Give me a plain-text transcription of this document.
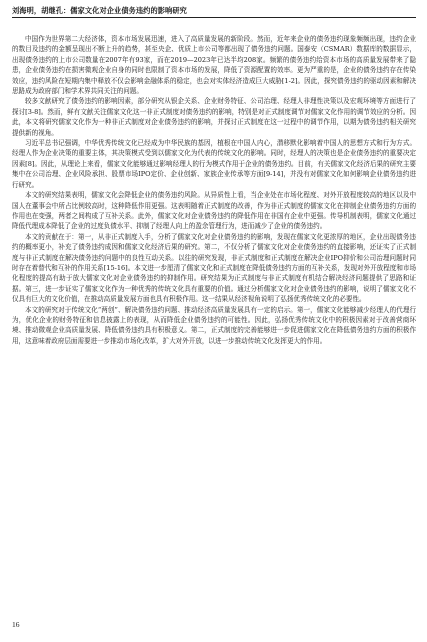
刘海明，胡继孔：儒家文化对企业债务违约的影响研究

中国作为世界第二大经济体，资本市场发展迅速，进入了高质量发展的新阶段。然而，近年来企业的债务违约现象频频出现，违约企业的数目及违约的金额呈现出不断上升的趋势，甚至央企、优质上市公司等都出现了债务违约问题。国泰安（CSMAR）数据库的数据显示，出现债务违约的上市公司数量在2007年有93家，而在2019—2023年已达半均208家。频繁的债务违约给资本市场的高质量发展带来了隐患，企业债务违约在损害微观企业自身的同时也限制了资本市场的发展，降低了资源配置的效率。更为严重的是，企业的债务违约存在传染效应，违约风险在短期内集中释放不仅会影响金融体系的稳定，也会对实体经济造成巨大威胁[1-2]。因此，探究债务违约的驱动因素和解决思路成为政府部门和学术界共同关注的问题。

较多文献研究了债务违约的影响因素，部分研究从银企关系、企业财务特征、公司治理、经理人非理性决策以及宏观环境等方面进行了探讨[3-8]。然而，鲜有文献关注儒家文化这一非正式制度对债务违约的影响，特别是对正式制度调节对儒家文化作用的调节效应的分析。因此，本文将研究儒家文化作为一种非正式制度对企业债务违约的影响，并探讨正式制度在这一过程中的调节作用，以期为债务违约相关研究提供新的视角。

习近平总书记强调，中华优秀传统文化已经成为中华民族的基因，植根在中国人内心，潜移默化影响着中国人的思想方式和行为方式。经理人作为企业决策的重要主体，其决策模式受到以儒家文化为代表的传统文化的影响。同时，经理人的决策也是企业债务违约的重要决定因素[8]。因此，从理论上来看，儒家文化能够通过影响经理人的行为模式作用于企业的债务违约。目前，有关儒家文化经济后果的研究主要集中在公司治理、企业风险承担、股票市场IPO定价、企业创新、家族企业传承等方面[9-14]，并没有对儒家文化如何影响企业债务违约进行研究。

本文的研究结果表明，儒家文化会降低企业的债务违约风险。从异质性上看，当企业处在市场化程度、对外开放程度较高的地区以及中国人在董事会中所占比例较高时，这种降低作用更强。这表明随着正式制度的改善，作为非正式制度的儒家文化在抑制企业债务违约方面的作用也在变强，两者之间构成了互补关系。此外，儒家文化对企业债务违约的降低作用在非国有企业中更强。传导机制表明，儒家文化通过降低代理成本降低了企业的过度负债水平、抑制了经理人向上的盈余管理行为，进而减少了企业的债务违约。

本文的贡献在于：第一，从非正式制度入手，分析了儒家文化对企业债务违约的影响，发现在儒家文化更浓厚的地区，企业出现债务违约的概率更小，补充了债务违约成因和儒家文化经济后果的研究。第二，不仅分析了儒家文化对企业债务违约的直接影响，还证实了正式制度与非正式制度在解决债务违约问题中的良性互动关系。以往的研究发现，非正式制度和正式制度在解决企业IPO抑价和公司治理问题时同时存在着替代和互补的作用关系[15-16]。本文进一步厘清了儒家文化和正式制度在降低债务违约方面的互补关系，发现对外开放程度和市场化程度的提高有助于放大儒家文化对企业债务违约的抑制作用。研究结果为正式制度与非正式制度有机结合解决经济问题提供了思路和证据。第三，进一步证实了儒家文化作为一种优秀的传统文化具有重要的价值。通过分析儒家文化对企业债务违约的影响，说明了儒家文化不仅具有巨大的文化价值，在推动高质量发展方面也具有积极作用。这一结果从经济视角说明了弘扬优秀传统文化的必要性。

本文的研究对于传统文化“两创”、解决债务违约问题、推动经济高质量发展具有一定的启示。第一，儒家文化能够减少经理人的代理行为，优化企业的财务特征和信息披露上的表现，从而降低企业债务违约的可能性。因此，弘扬优秀传统文化中的积极因素对于改善营商环境、推动微观企业高质量发展、降低债务违约具有积极意义。第二，正式制度的完善能够进一步促进儒家文化在降低债务违约方面的积极作用，这意味着政府层面需要进一步推动市场化改革，扩大对外开放，以进一步推动传统文化发挥更大的作用。

16
